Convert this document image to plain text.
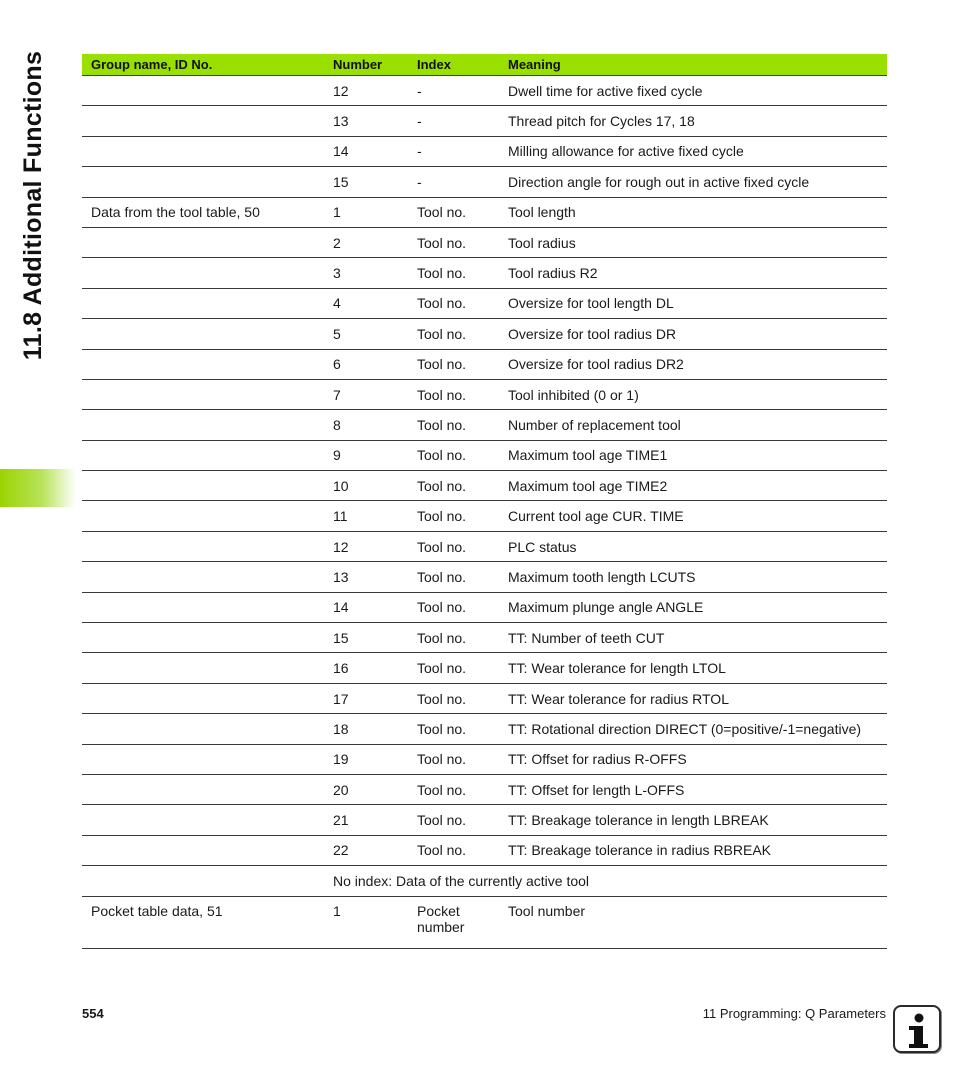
11.8 Additional Functions	Group name, ID No.	Number	Index	Meaning
	12	-	Dwell time for active fixed cycle
	13	-	Thread pitch for Cycles 17, 18
	14	-	Milling allowance for active fixed cycle
	15	-	Direction angle for rough out in active fixed cycle
Data from the tool table, 50	1	Tool no.	Tool length
	2	Tool no.	Tool radius
	3	Tool no.	Tool radius R2
	4	Tool no.	Oversize for tool length DL
	5	Tool no.	Oversize for tool radius DR
	6	Tool no.	Oversize for tool radius DR2
	7	Tool no.	Tool inhibited (0 or 1)
	8	Tool no.	Number of replacement tool
	9	Tool no.	Maximum tool age TIME1
	10	Tool no.	Maximum tool age TIME2
	11	Tool no.	Current tool age CUR. TIME
	12	Tool no.	PLC status
	13	Tool no.	Maximum tooth length LCUTS
	14	Tool no.	Maximum plunge angle ANGLE
	15	Tool no.	TT: Number of teeth CUT
	16	Tool no.	TT: Wear tolerance for length LTOL
	17	Tool no.	TT: Wear tolerance for radius RTOL
	18	Tool no.	TT: Rotational direction DIRECT (0=positive/-1=negative)
	19	Tool no.	TT: Offset for radius R-OFFS
	20	Tool no.	TT: Offset for length L-OFFS
	21	Tool no.	TT: Breakage tolerance in length LBREAK
	22	Tool no.	TT: Breakage tolerance in radius RBREAK
	No index: Data of the currently active tool		
Pocket table data, 51	1	Pocket number	Tool number
554	11 Programming: Q Parameters
